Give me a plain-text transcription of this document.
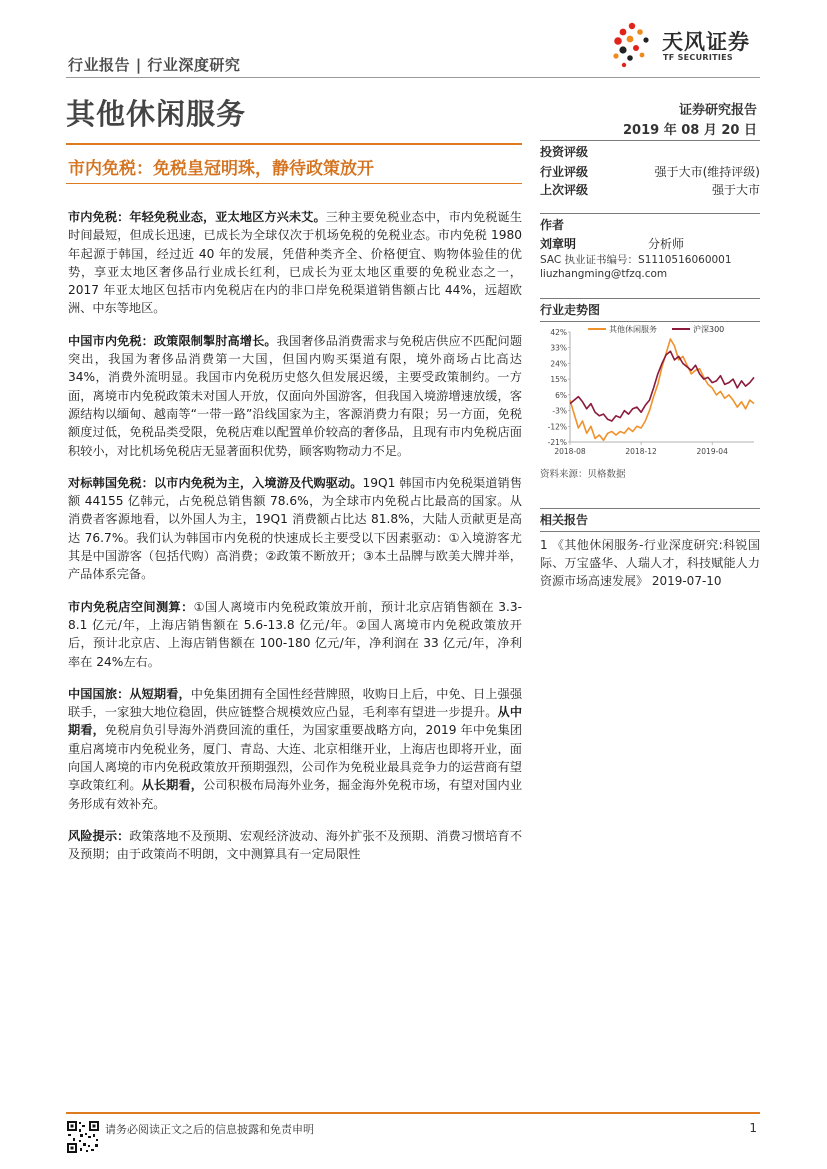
行业报告 | 行业深度研究
天风证券
TF SECURITIES
其他休闲服务	证券研究报告
2019 年 08 月 20 日
市内免税：免税皇冠明珠，静待政策放开

市内免税：年轻免税业态，亚太地区方兴未艾。三种主要免税业态中，市内免税诞生时间最短，但成长迅速，已成长为全球仅次于机场免税的免税业态。市内免税 1980 年起源于韩国，经过近 40 年的发展，凭借种类齐全、价格便宜、购物体验佳的优势，享亚太地区奢侈品行业成长红利，已成长为亚太地区重要的免税业态之一，2017 年亚太地区包括市内免税店在内的非口岸免税渠道销售额占比 44%，远超欧洲、中东等地区。

中国市内免税：政策限制掣肘高增长。我国奢侈品消费需求与免税店供应不匹配问题突出，我国为奢侈品消费第一大国，但国内购买渠道有限，境外商场占比高达 34%，消费外流明显。我国市内免税历史悠久但发展迟缓，主要受政策制约。一方面，离境市内免税政策未对国人开放，仅面向外国游客，但我国入境游增速放缓，客源结构以缅甸、越南等“一带一路”沿线国家为主，客源消费力有限；另一方面，免税额度过低，免税品类受限，免税店难以配置单价较高的奢侈品，且现有市内免税店面积较小，对比机场免税店无显著面积优势，顾客购物动力不足。

对标韩国免税：以市内免税为主，入境游及代购驱动。19Q1 韩国市内免税渠道销售额 44155 亿韩元，占免税总销售额 78.6%，为全球市内免税占比最高的国家。从消费者客源地看，以外国人为主，19Q1 消费额占比达 81.8%，大陆人贡献更是高达 76.7%。我们认为韩国市内免税的快速成长主要受以下因素驱动：①入境游客尤其是中国游客（包括代购）高消费；②政策不断放开；③本土品牌与欧美大牌并举，产品体系完备。

市内免税店空间测算：①国人离境市内免税政策放开前，预计北京店销售额在 3.3-8.1 亿元/年，上海店销售额在 5.6-13.8 亿元/年。②国人离境市内免税政策放开后，预计北京店、上海店销售额在 100-180 亿元/年，净利润在 33 亿元/年，净利率在 24%左右。

中国国旅：从短期看，中免集团拥有全国性经营牌照，收购日上后，中免、日上强强联手，一家独大地位稳固，供应链整合规模效应凸显，毛利率有望进一步提升。从中期看，免税肩负引导海外消费回流的重任，为国家重要战略方向，2019 年中免集团重启离境市内免税业务，厦门、青岛、大连、北京相继开业，上海店也即将开业，面向国人离境的市内免税政策放开预期强烈，公司作为免税业最具竞争力的运营商有望享政策红利。从长期看，公司积极布局海外业务，掘金海外免税市场，有望对国内业务形成有效补充。

风险提示：政策落地不及预期、宏观经济波动、海外扩张不及预期、消费习惯培育不及预期；由于政策尚不明朗，文中测算具有一定局限性

投资评级
行业评级	强于大市(维持评级)
上次评级	强于大市
作者
刘章明	分析师
SAC 执业证书编号：S1110516060001
liuzhangming@tfzq.com
行业走势图
其他休闲服务	沪深300
42%
33%
24%
15%
6%
-3%
-12%
-21%
2018-08	2018-12	2019-04
资料来源：贝格数据
相关报告
1 《其他休闲服务-行业深度研究:科锐国际、万宝盛华、人瑞人才，科技赋能人力资源市场高速发展》 2019-07-10
请务必阅读正文之后的信息披露和免责申明	1
